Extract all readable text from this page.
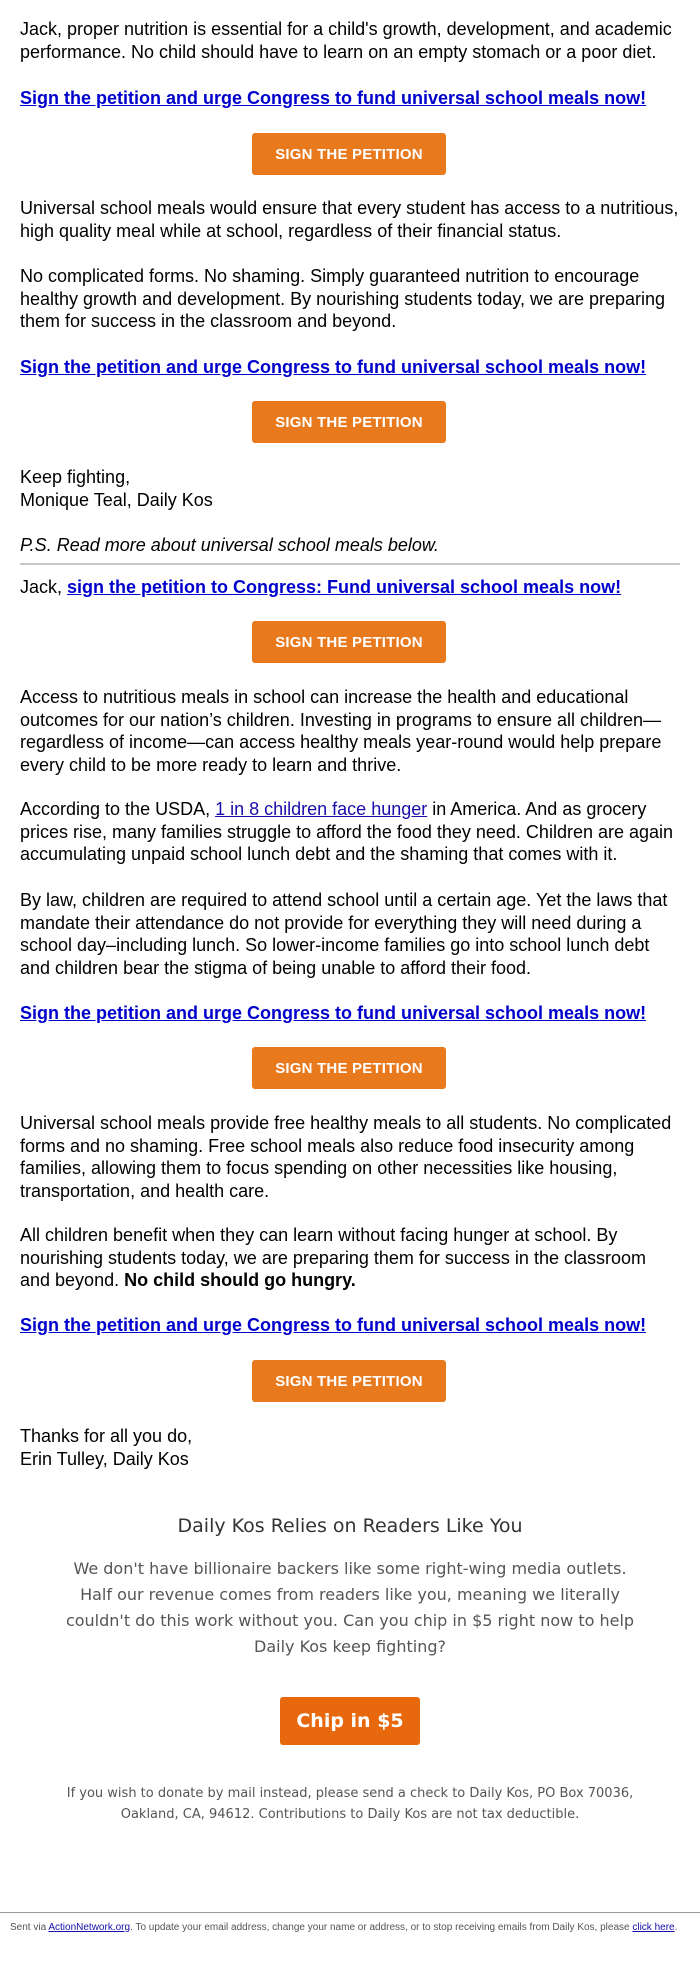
Jack, proper nutrition is essential for a child's growth, development, and academic performance. No child should have to learn on an empty stomach or a poor diet.

Sign the petition and urge Congress to fund universal school meals now!

SIGN THE PETITION

Universal school meals would ensure that every student has access to a nutritious, high quality meal while at school, regardless of their financial status.

No complicated forms. No shaming. Simply guaranteed nutrition to encourage healthy growth and development. By nourishing students today, we are preparing them for success in the classroom and beyond.

Sign the petition and urge Congress to fund universal school meals now!

SIGN THE PETITION

Keep fighting,
Monique Teal, Daily Kos

P.S. Read more about universal school meals below.

Jack, sign the petition to Congress: Fund universal school meals now!

SIGN THE PETITION

Access to nutritious meals in school can increase the health and educational outcomes for our nation’s children. Investing in programs to ensure all children—regardless of income—can access healthy meals year-round would help prepare every child to be more ready to learn and thrive.

According to the USDA, 1 in 8 children face hunger in America. And as grocery prices rise, many families struggle to afford the food they need. Children are again accumulating unpaid school lunch debt and the shaming that comes with it.

By law, children are required to attend school until a certain age. Yet the laws that mandate their attendance do not provide for everything they will need during a school day–including lunch. So lower-income families go into school lunch debt and children bear the stigma of being unable to afford their food.

Sign the petition and urge Congress to fund universal school meals now!

SIGN THE PETITION

Universal school meals provide free healthy meals to all students. No complicated forms and no shaming. Free school meals also reduce food insecurity among families, allowing them to focus spending on other necessities like housing, transportation, and health care.

All children benefit when they can learn without facing hunger at school. By nourishing students today, we are preparing them for success in the classroom and beyond. No child should go hungry.

Sign the petition and urge Congress to fund universal school meals now!

SIGN THE PETITION

Thanks for all you do,
Erin Tulley, Daily Kos

Daily Kos Relies on Readers Like You
We don't have billionaire backers like some right-wing media outlets. Half our revenue comes from readers like you, meaning we literally couldn't do this work without you. Can you chip in $5 right now to help Daily Kos keep fighting?
Chip in $5
If you wish to donate by mail instead, please send a check to Daily Kos, PO Box 70036, Oakland, CA, 94612. Contributions to Daily Kos are not tax deductible.
Sent via ActionNetwork.org. To update your email address, change your name or address, or to stop receiving emails from Daily Kos, please click here.
